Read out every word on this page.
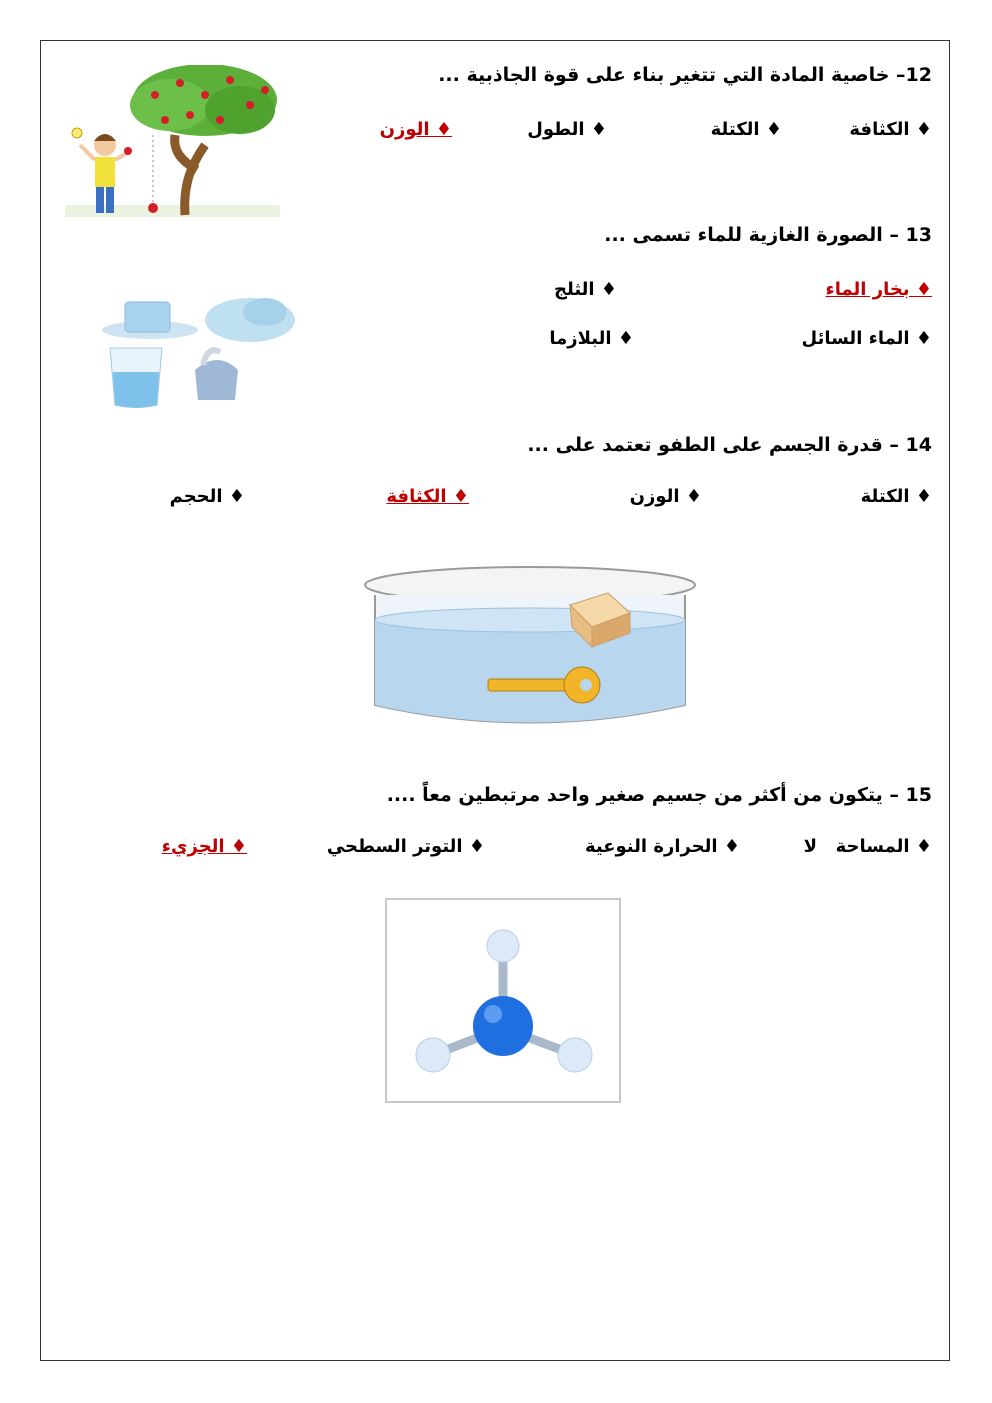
12– خاصية المادة التي تتغير بناء على قوة الجاذبية ...
♦ الكثافة
♦ الكتلة
♦ الطول
♦ الوزن
13 – الصورة الغازية للماء تسمى ...
♦ بخار الماء
♦ الثلج
♦ الماء السائل
♦ البلازما
14 – قدرة الجسم على الطفو تعتمد على ...
♦ الكتلة
♦ الوزن
♦ الكثافة
♦ الحجم
15 – يتكون من أكثر من جسيم صغير واحد مرتبطين معاً ....
♦ المساحة
لا
♦ الحرارة النوعية
♦ التوتر السطحي
♦ الجزيء
